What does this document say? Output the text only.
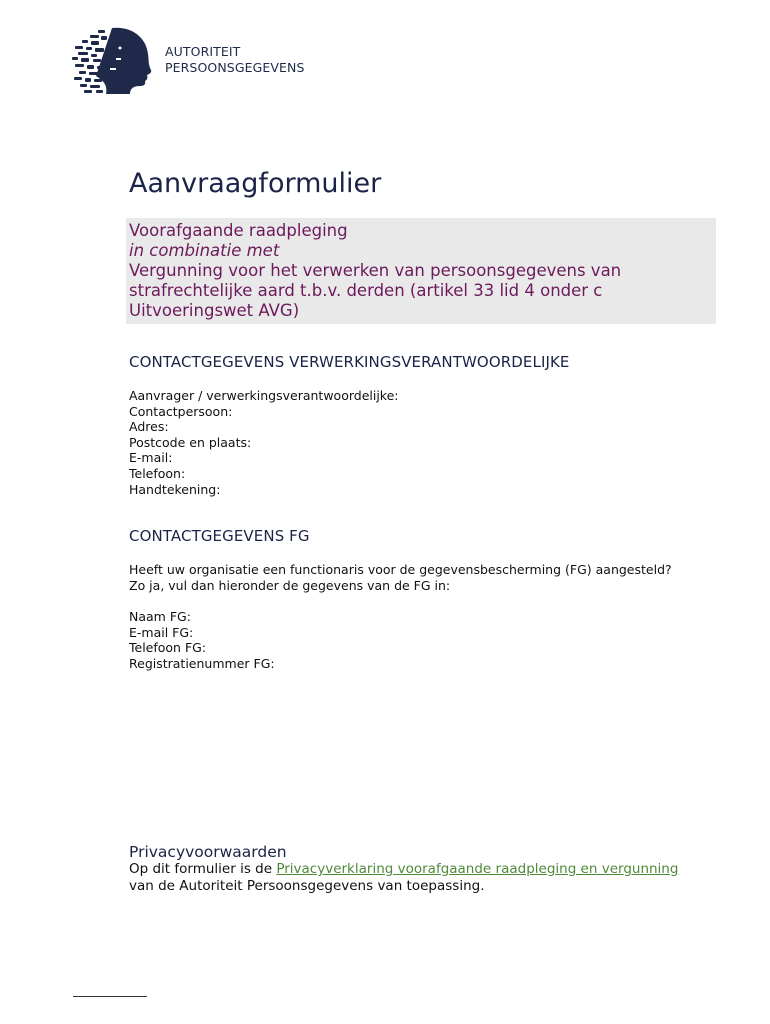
AUTORITEIT
PERSOONSGEGEVENS
Aanvraagformulier
Voorafgaande raadpleging
in combinatie met
Vergunning voor het verwerken van persoonsgegevens van
strafrechtelijke aard t.b.v. derden (artikel 33 lid 4 onder c
Uitvoeringswet AVG)
CONTACTGEGEVENS VERWERKINGSVERANTWOORDELIJKE
Aanvrager / verwerkingsverantwoordelijke:
Contactpersoon:
Adres:
Postcode en plaats:
E-mail:
Telefoon:
Handtekening:
CONTACTGEGEVENS FG
Heeft uw organisatie een functionaris voor de gegevensbescherming (FG) aangesteld? Zo ja, vul dan hieronder de gegevens van de FG in:
Naam FG:
E-mail FG:
Telefoon FG:
Registratienummer FG:
Privacyvoorwaarden
Op dit formulier is de Privacyverklaring voorafgaande raadpleging en vergunning van de Autoriteit Persoonsgegevens van toepassing.
